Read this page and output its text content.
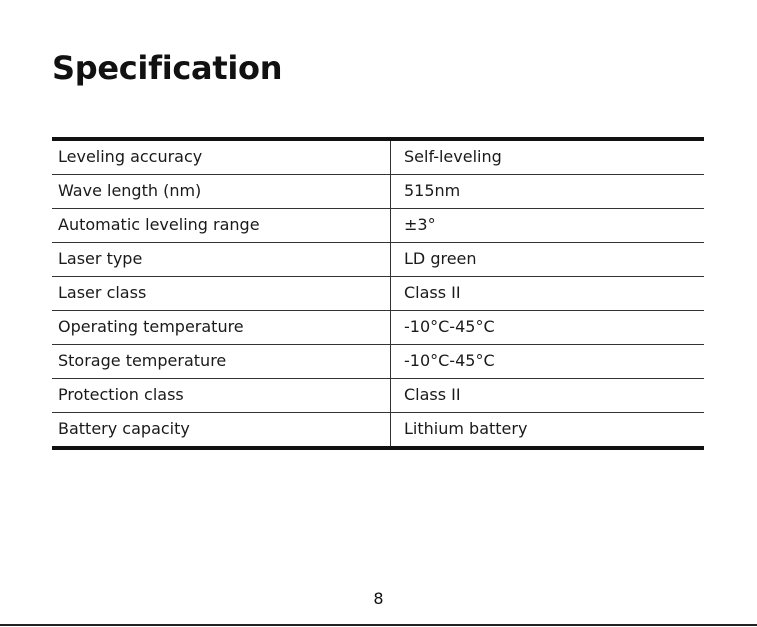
Specification
Leveling accuracy	Self-leveling
Wave length (nm)	515nm
Automatic leveling range	±3°
Laser type	LD green
Laser class	Class II
Operating temperature	-10°C-45°C
Storage temperature	-10°C-45°C
Protection class	Class II
Battery capacity	Lithium battery
8
